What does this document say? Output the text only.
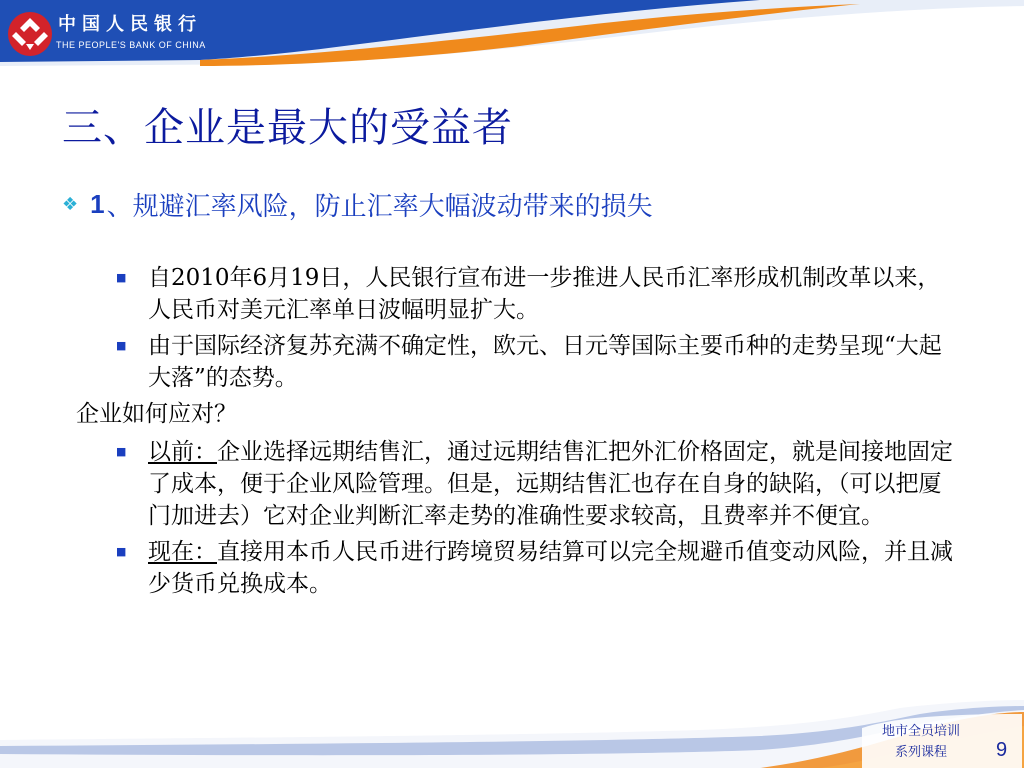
中国人民银行
THE PEOPLE'S BANK OF CHINA
三、企业是最大的受益者
❖ 1 、规避汇率风险，防止汇率大幅波动带来的损失
■ 自2010年6月19日，人民银行宣布进一步推进人民币汇率形成机制改革以来，人民币对美元汇率单日波幅明显扩大。
■ 由于国际经济复苏充满不确定性，欧元、日元等国际主要币种的走势呈现“大起大落”的态势。
企业如何应对？
■ 以前：企业选择远期结售汇，通过远期结售汇把外汇价格固定，就是间接地固定了成本，便于企业风险管理。但是，远期结售汇也存在自身的缺陷，（可以把厦门加进去）它对企业判断汇率走势的准确性要求较高，且费率并不便宜。
■ 现在：直接用本币人民币进行跨境贸易结算可以完全规避币值变动风险，并且减少货币兑换成本。
地市全员培训
系列课程	9
